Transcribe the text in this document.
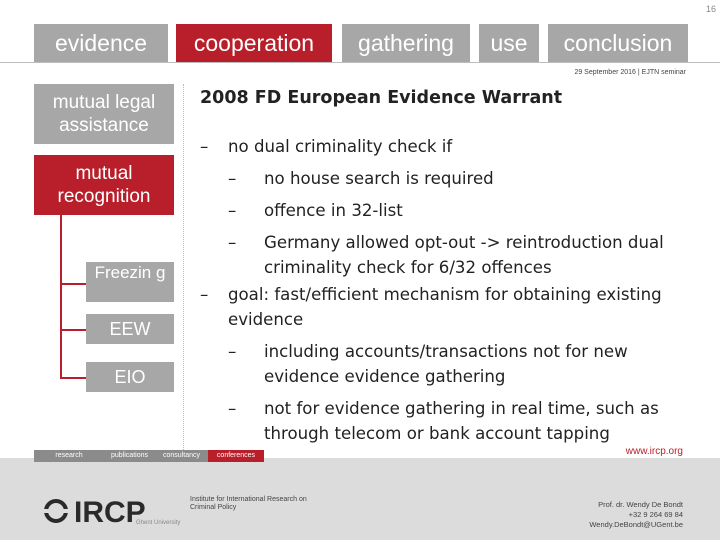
16
evidence	cooperation	gathering	use	conclusion
29 September 2016 | EJTN seminar
mutual legal assistance
mutual recognition
Freezin g
EEW
EIO
2008 FD European Evidence Warrant
– no dual criminality check if
– no house search is required
– offence in 32-list
– Germany allowed opt-out -> reintroduction dual criminality check for 6/32 offences
– goal: fast/efficient mechanism for obtaining existing evidence
– including accounts/transactions not for new evidence evidence gathering
– not for evidence gathering in real time, such as through telecom or bank account tapping
www.ircp.org
research	publications	consultancy	conferences
IRCP	Institute for International Research on Criminal Policy
Ghent University
Prof. dr. Wendy De Bondt
+32 9 264 69 84
Wendy.DeBondt@UGent.be
